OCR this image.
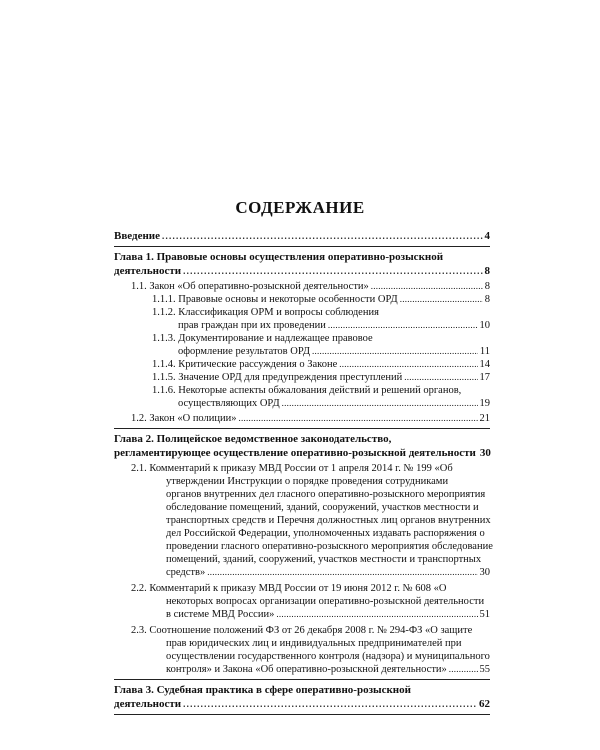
СОДЕРЖАНИЕ
Введение . . .	4
Глава 1. Правовые основы осуществления оперативно-розыскной
деятельности . . .	8
1.1. Закон «Об оперативно-розыскной деятельности» . . .	8
1.1.1. Правовые основы и некоторые особенности ОРД . . .	8
1.1.2. Классификация ОРМ и вопросы соблюдения
прав граждан при их проведении . . .	10
1.1.3. Документирование и надлежащее правовое
оформление результатов ОРД . . .	11
1.1.4. Критические рассуждения о Законе . . .	14
1.1.5. Значение ОРД для предупреждения преступлений . . .	17
1.1.6. Некоторые аспекты обжалования действий и решений органов,
осуществляющих ОРД . . .	19
1.2. Закон «О полиции» . . .	21
Глава 2. Полицейское ведомственное законодательство,
регламентирующее осуществление оперативно-розыскной деятельности 30
2.1. Комментарий к приказу МВД России от 1 апреля 2014 г. № 199 «Об
утверждении Инструкции о порядке проведения сотрудниками
органов внутренних дел гласного оперативно-розыскного мероприятия
обследование помещений, зданий, сооружений, участков местности и
транспортных средств и Перечня должностных лиц органов внутренних
дел Российской Федерации, уполномоченных издавать распоряжения о
проведении гласного оперативно-розыскного мероприятия обследование
помещений, зданий, сооружений, участков местности и транспортных
средств» . . .	30
2.2. Комментарий к приказу МВД России от 19 июня 2012 г. № 608 «О
некоторых вопросах организации оперативно-розыскной деятельности
в системе МВД России» . . .	51
2.3. Соотношение положений ФЗ от 26 декабря 2008 г. № 294-ФЗ «О защите
прав юридических лиц и индивидуальных предпринимателей при
осуществлении государственного контроля (надзора) и муниципального
контроля» и Закона «Об оперативно-розыскной деятельности» . . .	55
Глава 3. Судебная практика в сфере оперативно-розыскной
деятельности . . .	62
